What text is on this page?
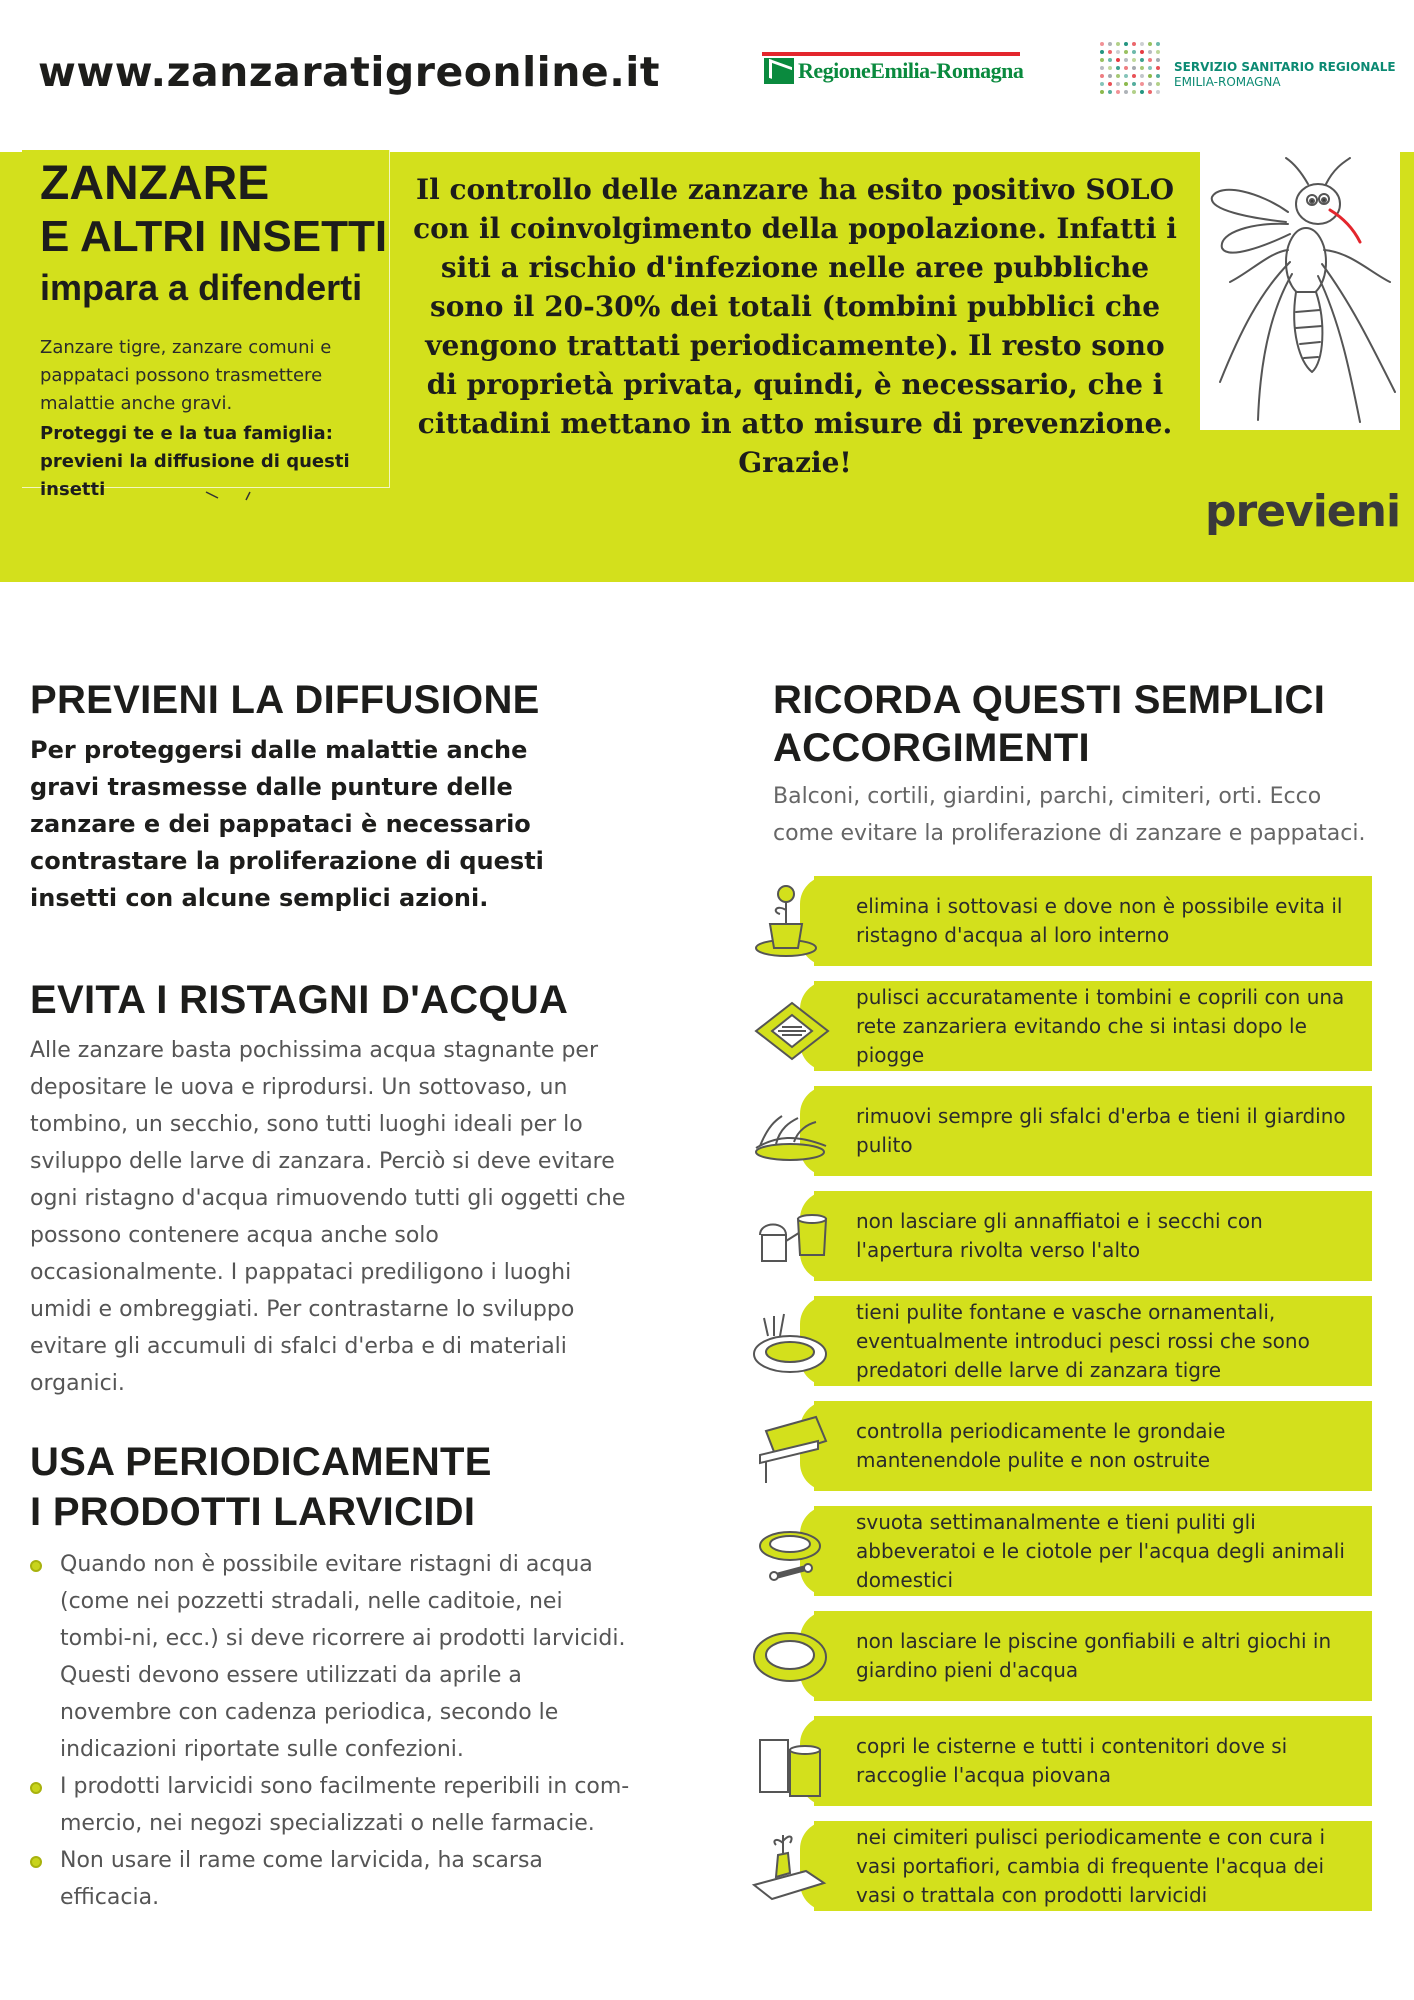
www.zanzaratigreonline.it	RegioneEmilia-Romagna	SERVIZIO SANITARIO REGIONALE
EMILIA-ROMAGNA
ZANZARE
E ALTRI INSETTI
impara a difenderti
Zanzare tigre, zanzare comuni e pappataci possono trasmettere malattie anche gravi.
Proteggi te e la tua famiglia: previeni la diffusione di questi insetti
Il controllo delle zanzare ha esito positivo SOLO con il coinvolgimento della popolazione. Infatti i siti a rischio d'infezione nelle aree pubbliche sono il 20-30% dei totali (tombini pubblici che vengono trattati periodicamente). Il resto sono di proprietà privata, quindi, è necessario, che i cittadini mettano in atto misure di prevenzione. Grazie!
previeni
PREVIENI LA DIFFUSIONE
Per proteggersi dalle malattie anche gravi trasmesse dalle punture delle zanzare e dei pappataci è necessario contrastare la proliferazione di questi insetti con alcune semplici azioni.
EVITA I RISTAGNI D'ACQUA
Alle zanzare basta pochissima acqua stagnante per depositare le uova e riprodursi. Un sottovaso, un tombino, un secchio, sono tutti luoghi ideali per lo sviluppo delle larve di zanzara. Perciò si deve evitare ogni ristagno d'acqua rimuovendo tutti gli oggetti che possono contenere acqua anche solo occasionalmente. I pappataci prediligono i luoghi umidi e ombreggiati. Per contrastarne lo sviluppo evitare gli accumuli di sfalci d'erba e di materiali organici.
USA PERIODICAMENTE
I PRODOTTI LARVICIDI
Quando non è possibile evitare ristagni di acqua (come nei pozzetti stradali, nelle caditoie, nei tombi-ni, ecc.) si deve ricorrere ai prodotti larvicidi. Questi devono essere utilizzati da aprile a novembre con cadenza periodica, secondo le indicazioni riportate sulle confezioni.
I prodotti larvicidi sono facilmente reperibili in com-mercio, nei negozi specializzati o nelle farmacie.
Non usare il rame come larvicida, ha scarsa efficacia.
RICORDA QUESTI SEMPLICI
ACCORGIMENTI
Balconi, cortili, giardini, parchi, cimiteri, orti. Ecco come evitare la proliferazione di zanzare e pappataci.
elimina i sottovasi e dove non è possibile evita il ristagno d'acqua al loro interno
pulisci accuratamente i tombini e coprili con una rete zanzariera evitando che si intasi dopo le piogge
rimuovi sempre gli sfalci d'erba e tieni il giardino pulito
non lasciare gli annaffiatoi e i secchi con l'apertura rivolta verso l'alto
tieni pulite fontane e vasche ornamentali, eventualmente introduci pesci rossi che sono predatori delle larve di zanzara tigre
controlla periodicamente le grondaie mantenendole pulite e non ostruite
svuota settimanalmente e tieni puliti gli abbeveratoi e le ciotole per l'acqua degli animali domestici
non lasciare le piscine gonfiabili e altri giochi in giardino pieni d'acqua
copri le cisterne e tutti i contenitori dove si raccoglie l'acqua piovana
nei cimiteri pulisci periodicamente e con cura i vasi portafiori, cambia di frequente l'acqua dei vasi o trattala con prodotti larvicidi
